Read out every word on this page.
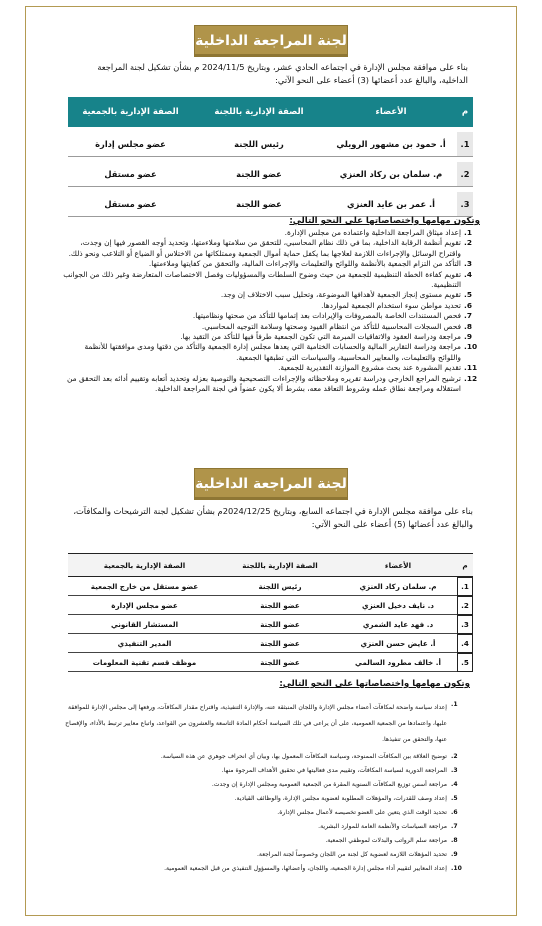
لجنة المراجعة الداخلية
بناء على موافقة مجلس الإدارة في اجتماعه الحادي عشر، وبتاريخ 2024/11/5 م بشأن تشكيل لجنة المراجعة الداخلية، والبالغ عدد أعضائها (3) أعضاء على النحو الآتي:
م	الأعضاء	الصفة الإدارية باللجنة	الصفة الإدارية بالجمعية

1.	أ. حمود بن مشهور الرويلي	رئيس اللجنة	عضو مجلس إدارة

2.	م. سلمان بن ركاد العنزي	عضو اللجنة	عضو مستقل

3.	أ. عمر بن عايد العنزي	عضو اللجنة	عضو مستقل
وتكون مهامها واختصاصاتها على النحو التالي:
1.
إعداد ميثاق المراجعة الداخلية واعتماده من مجلس الإدارة.
2.
تقويم أنظمة الرقابة الداخلية، بما في ذلك نظام المحاسبي، للتحقق من سلامتها وملاءمتها، وتحديد أوجه القصور فيها إن وجدت، واقتراح الوسائل والإجراءات اللازمة لعلاجها بما يكفل حماية أموال الجمعية وممتلكاتها من الاختلاس أو الضياع أو التلاعب ونحو ذلك.
3.
التأكد من التزام الجمعية بالأنظمة واللوائح والتعليمات والإجراءات المالية، والتحقق من كفايتها وملاءمتها.
4.
تقويم كفاءة الخطة التنظيمية للجمعية من حيث وضوح السلطات والمسؤوليات وفصل الاختصاصات المتعارضة وغير ذلك من الجوانب التنظيمية.
5.
تقويم مستوى إنجاز الجمعية لأهدافها الموضوعة، وتحليل سبب الاختلاف إن وجد.
6.
تحديد مواطن سوء استخدام الجمعية لمواردها.
7.
فحص المستندات الخاصة بالمصروفات والإيرادات بعد إتمامها للتأكد من صحتها ونظاميتها.
8.
فحص السجلات المحاسبية للتأكد من انتظام القيود وصحتها وسلامة التوجيه المحاسبي.
9.
مراجعة ودراسة العقود والاتفاقيات المبرمة التي تكون الجمعية طرفاً فيها للتأكد من التقيد بها.
10.
مراجعة ودراسة التقارير المالية والحسابات الختامية التي يعدها مجلس إدارة الجمعية والتأكد من دقتها ومدى موافقتها للأنظمة واللوائح والتعليمات، والمعايير المحاسبية، والسياسات التي تطبقها الجمعية.
11.
تقديم المشورة عند بحث مشروع الموازنة التقديرية للجمعية.
12.
ترشيح المراجع الخارجي ودراسة تقريره وملاحظاته والإجراءات التصحيحية والتوصية بعزله وتحديد أتعابه وتقييم أدائه بعد التحقق من استقلاله ومراجعة نطاق عمله وشروط التعاقد معه، بشرط ألا يكون عضواً في لجنة المراجعة الداخلية.
لجنة المراجعة الداخلية
بناء على موافقة مجلس الإدارة في اجتماعه السابع، وبتاريخ 2024/12/25م بشأن تشكيل لجنة الترشيحات والمكافآت، والبالغ عدد أعضائها (5) أعضاء على النحو الآتي:
م	الأعضاء	الصفة الإدارية باللجنة	الصفة الإدارية بالجمعية
1.	م. سلمان ركاد العنزي	رئيس اللجنة	عضو مستقل من خارج الجمعية
2.	د. نايف دخيل العنزي	عضو اللجنة	عضو مجلس الإدارة
3.	د. فهد عايد الشمري	عضو اللجنة	المستشار القانوني
4.	أ. عايض حسن العنزي	عضو اللجنة	المدير التنفيذي
5.	أ. خالف مطرود السالمي	عضو اللجنة	موظف قسم تقنية المعلومات
وتكون مهامها واختصاصاتها على النحو التالي:
1.
إعداد سياسة واضحة لمكافآت أعضاء مجلس الإدارة واللجان المنبثقة عنه، والإدارة التنفيذية، واقتراح مقدار المكافآت، ورفعها إلى مجلس الإدارة للموافقة عليها، واعتمادها من الجمعية العمومية، على أن يراعى في تلك السياسة أحكام المادة التاسعة والعشرون من القواعد، واتباع معايير ترتبط بالأداء، والإفصاح عنها، والتحقق من تنفيذها.
2.
توضيح العلاقة بين المكافآت الممنوحة، وسياسة المكافآت المعمول بها، وبيان أي انحراف جوهري عن هذه السياسة.
3.
المراجعة الدورية لسياسة المكافآت، وتقييم مدى فعاليتها في تحقيق الأهداف المرجوة منها.
4.
مراجعة أسس توزيع المكافآت السنوية المقرة من الجمعية العمومية ومجلس الإدارة إن وجدت.
5.
إعداد وصف للقدرات، والمؤهلات المطلوبة لعضوية مجلس الإدارة، والوظائف القيادية.
6.
تحديد الوقت الذي يتعين على العضو تخصيصه لأعمال مجلس الإدارة.
7.
مراجعة السياسات والأنظمة العامة للموارد البشرية.
8.
مراجعة سلم الرواتب والبدلات لموظفي الجمعية.
9.
تحديد المؤهلات اللازمة لعضوية كل لجنة من اللجان وخصوصاً لجنة المراجعة.
10.
إعداد المعايير لتقييم أداء مجلس إدارة الجمعية، واللجان، وأعضائها، والمسؤول التنفيذي من قبل الجمعية العمومية.
